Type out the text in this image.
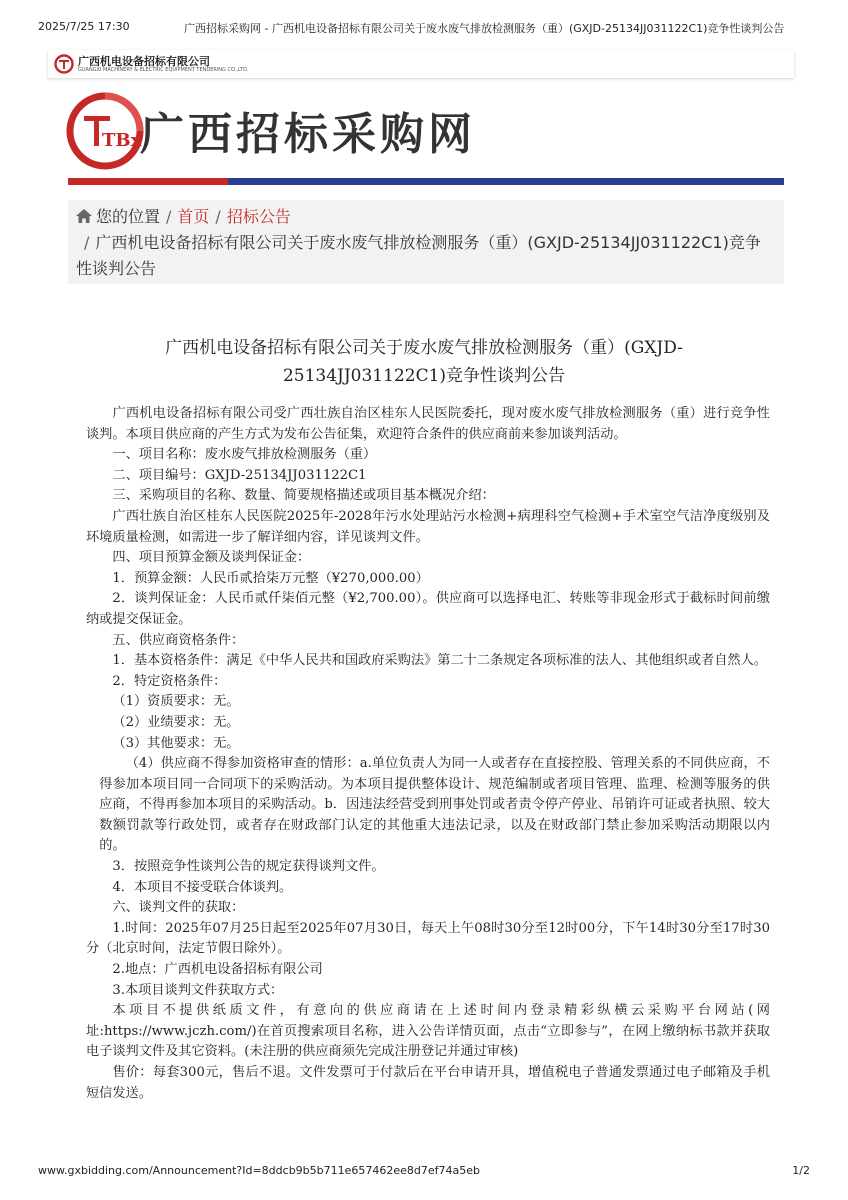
2025/7/25 17:30	广西招标采购网 - 广西机电设备招标有限公司关于废水废气排放检测服务（重）(GXJD-25134JJ031122C1)竞争性谈判公告
广西机电设备招标有限公司
GUANGXI MACHINERY & ELECTRIC EQUIPMENT TENDERING CO.,LTD.
TBx
广西招标采购网
您的位置 / 首页 / 招标公告
/ 广西机电设备招标有限公司关于废水废气排放检测服务（重）(GXJD-25134JJ031122C1)竞争性谈判公告
广西机电设备招标有限公司关于废水废气排放检测服务（重）(GXJD-25134JJ031122C1)竞争性谈判公告

广西机电设备招标有限公司受广西壮族自治区桂东人民医院委托，现对废水废气排放检测服务（重）进行竞争性谈判。本项目供应商的产生方式为发布公告征集，欢迎符合条件的供应商前来参加谈判活动。

一、项目名称：废水废气排放检测服务（重）

二、项目编号：GXJD-25134JJ031122C1

三、采购项目的名称、数量、简要规格描述或项目基本概况介绍：

广西壮族自治区桂东人民医院2025年-2028年污水处理站污水检测+病理科空气检测+手术室空气洁净度级别及环境质量检测，如需进一步了解详细内容，详见谈判文件。

四、项目预算金额及谈判保证金：

1．预算金额：人民币贰拾柒万元整（¥270,000.00）

2．谈判保证金：人民币贰仟柒佰元整（¥2,700.00）。供应商可以选择电汇、转账等非现金形式于截标时间前缴纳或提交保证金。

五、供应商资格条件：

1．基本资格条件：满足《中华人民共和国政府采购法》第二十二条规定各项标准的法人、其他组织或者自然人。

2．特定资格条件：

（1）资质要求：无。

（2）业绩要求：无。

（3）其他要求：无。

（4）供应商不得参加资格审查的情形：a.单位负责人为同一人或者存在直接控股、管理关系的不同供应商，不得参加本项目同一合同项下的采购活动。为本项目提供整体设计、规范编制或者项目管理、监理、检测等服务的供应商，不得再参加本项目的采购活动。b．因违法经营受到刑事处罚或者责令停产停业、吊销许可证或者执照、较大数额罚款等行政处罚，或者存在财政部门认定的其他重大违法记录，以及在财政部门禁止参加采购活动期限以内的。

3．按照竞争性谈判公告的规定获得谈判文件。

4．本项目不接受联合体谈判。

六、谈判文件的获取：

1.时间：2025年07月25日起至2025年07月30日，每天上午08时30分至12时00分，下午14时30分至17时30分（北京时间，法定节假日除外）。

2.地点：广西机电设备招标有限公司

3.本项目谈判文件获取方式：

本项目不提供纸质文件，有意向的供应商请在上述时间内登录精彩纵横云采购平台网站(网址:https://www.jczh.com/)在首页搜索项目名称，进入公告详情页面，点击“立即参与”，在网上缴纳标书款并获取电子谈判文件及其它资料。(未注册的供应商须先完成注册登记并通过审核)

售价：每套300元，售后不退。文件发票可于付款后在平台申请开具，增值税电子普通发票通过电子邮箱及手机短信发送。

www.gxbidding.com/Announcement?Id=8ddcb9b5b711e657462ee8d7ef74a5eb	1/2
